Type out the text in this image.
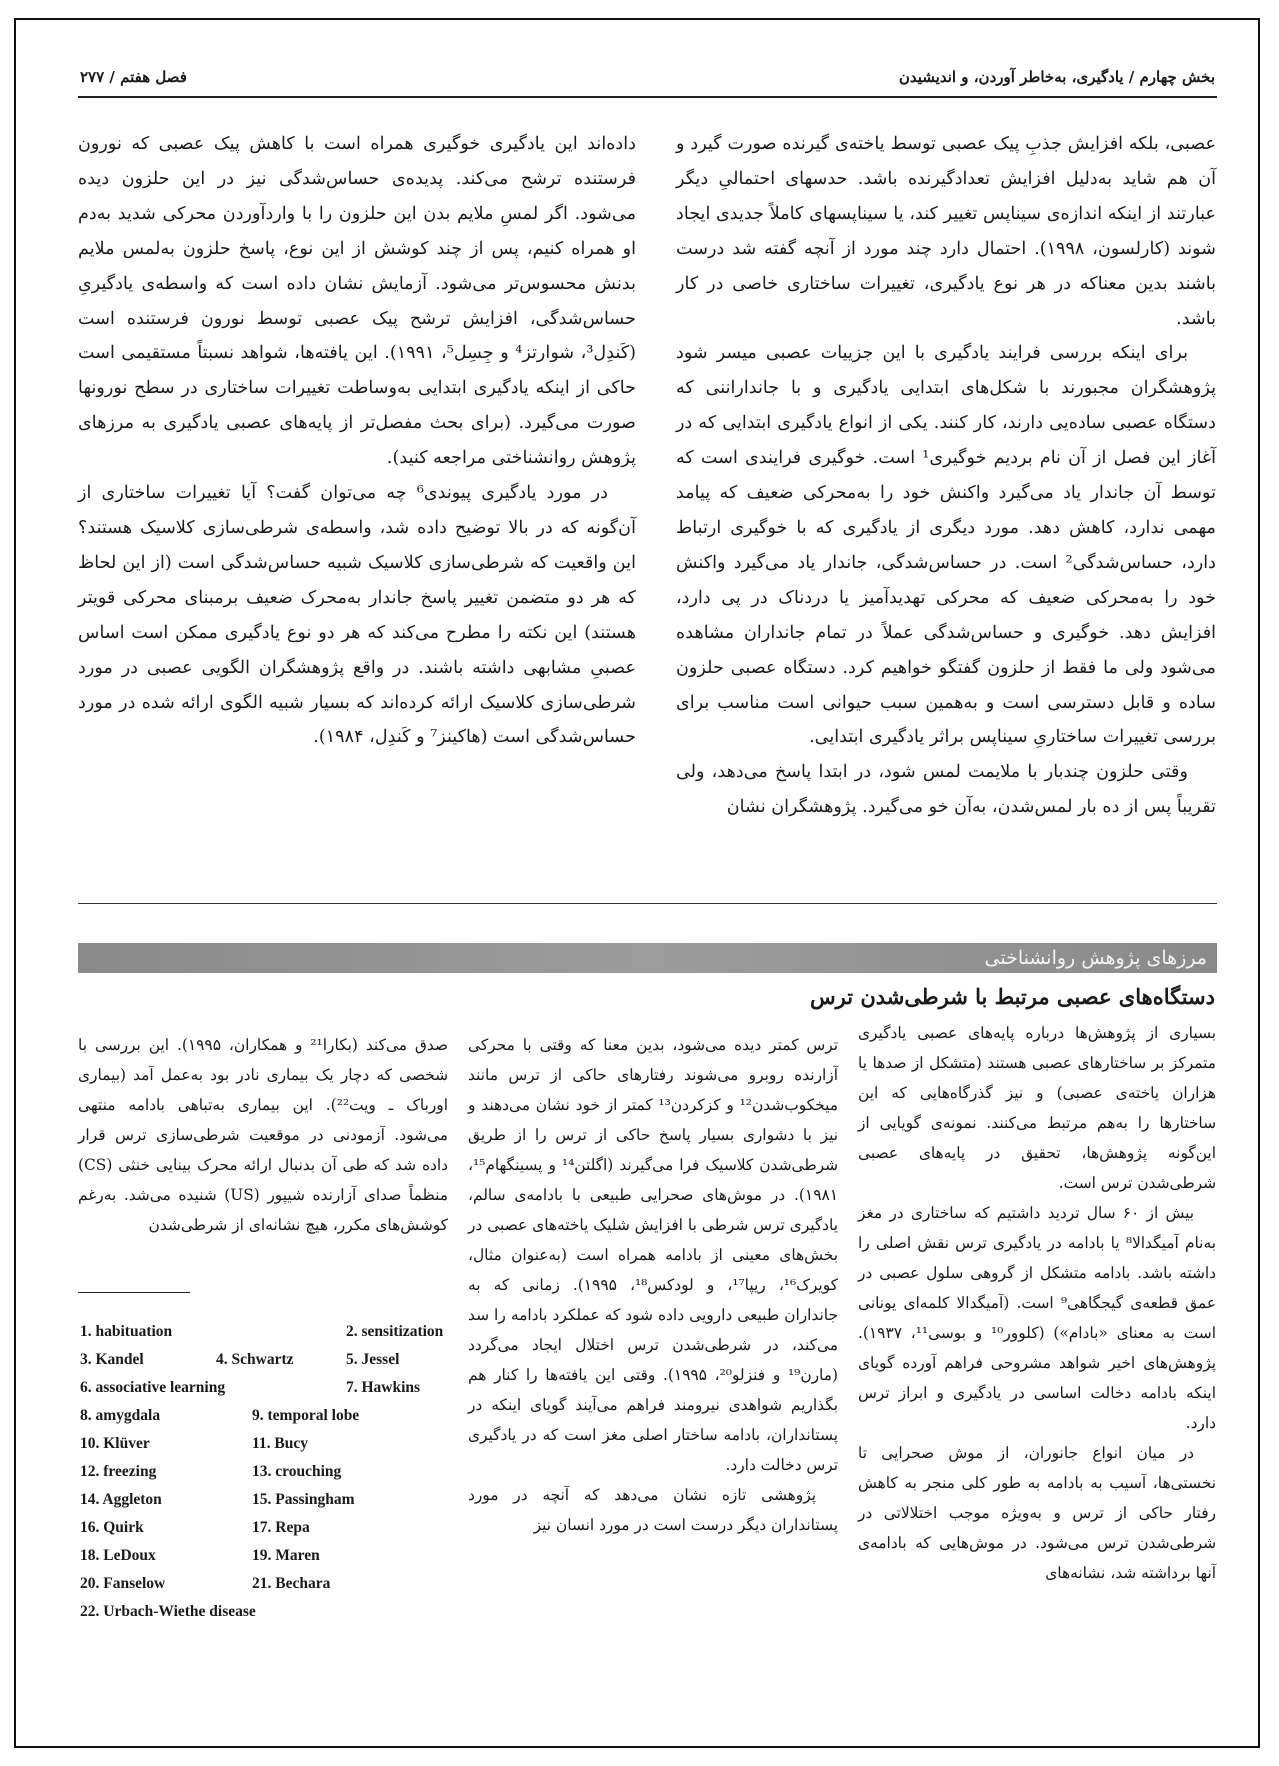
فصل هفتم / ۲۷۷	بخش چهارم / یادگیری، به‌خاطر آوردن، و اندیشیدن

عصبی، بلکه افزایش جذبِ پیک عصبی توسط یاخته‌ی گیرنده صورت گیرد و آن هم شاید به‌دلیل افزایش تعدادگیرنده باشد. حدسهای احتمالیِ دیگر عبارتند از اینکه اندازه‌ی سیناپس تغییر کند، یا سیناپسهای کاملاً جدیدی ایجاد شوند (کارلسون، ۱۹۹۸). احتمال دارد چند مورد از آنچه گفته شد درست باشند بدین معناکه در هر نوع یادگیری، تغییرات ساختاری خاصی در کار باشد.

برای اینکه بررسی فرایند یادگیری با این جزییات عصبی میسر شود پژوهشگران مجبورند با شکل‌های ابتدایی یادگیری و با جانداراننی که دستگاه عصبی ساده‌یی دارند، کار کنند. یکی از انواع یادگیری ابتدایی که در آغاز این فصل از آن نام بردیم خوگیری¹ است. خوگیری فرایندی است که توسط آن جاندار یاد می‌گیرد واکنش خود را به‌محرکی ضعیف که پیامد مهمی ندارد، کاهش دهد. مورد دیگری از یادگیری که با خوگیری ارتباط دارد، حساس‌شدگی² است. در حساس‌شدگی، جاندار یاد می‌گیرد واکنش خود را به‌محرکی ضعیف که محرکی تهدیدآمیز یا دردناک در پی دارد، افزایش دهد. خوگیری و حساس‌شدگی عملاً در تمام جانداران مشاهده می‌شود ولی ما فقط از حلزون گفتگو خواهیم کرد. دستگاه عصبی حلزون ساده و قابل دسترسی است و به‌همین سبب حیوانی است مناسب برای بررسی تغییرات ساختاریِ سیناپس براثر یادگیری ابتدایی.

وقتی حلزون چندبار با ملایمت لمس شود، در ابتدا پاسخ می‌دهد، ولی تقریباً پس از ده بار لمس‌شدن، به‌آن خو می‌گیرد. پژوهشگران نشان

داده‌اند این یادگیری خوگیری همراه است با کاهش پیک عصبی که نورون فرستنده ترشح می‌کند. پدیده‌ی حساس‌شدگی نیز در این حلزون دیده می‌شود. اگر لمسِ ملایم بدن این حلزون را با واردآوردن محرکی شدید به‌دم او همراه کنیم، پس از چند کوشش از این نوع، پاسخ حلزون به‌لمس ملایم بدنش محسوس‌تر می‌شود. آزمایش نشان داده است که واسطه‌ی یادگیریِ حساس‌شدگی، افزایش ترشح پیک عصبی توسط نورون فرستنده است (کَندِل³، شوارتز⁴ و جِسِل⁵، ۱۹۹۱). این یافته‌ها، شواهد نسبتاً مستقیمی است حاکی از اینکه یادگیری ابتدایی به‌وساطت تغییرات ساختاری در سطح نورونها صورت می‌گیرد. (برای بحث مفصل‌تر از پایه‌های عصبی یادگیری به مرزهای پژوهش روانشناختی مراجعه کنید).

در مورد یادگیری پیوندی⁶ چه می‌توان گفت؟ آیا تغییرات ساختاری از آن‌گونه که در بالا توضیح داده شد، واسطه‌ی شرطی‌سازی کلاسیک هستند؟ این واقعیت که شرطی‌سازی کلاسیک شبیه حساس‌شدگی است (از این لحاظ که هر دو متضمن تغییر پاسخ جاندار به‌محرک ضعیف برمبنای محرکی قویتر هستند) این نکته را مطرح می‌کند که هر دو نوع یادگیری ممکن است اساس عصبیِ مشابهی داشته باشند. در واقع پژوهشگران الگویی عصبی در مورد شرطی‌سازی کلاسیک ارائه کرده‌اند که بسیار شبیه الگوی ارائه شده در مورد حساس‌شدگی است (هاکینز⁷ و کَندِل، ۱۹۸۴).

مرزهای پژوهش روانشناختی
دستگاه‌های عصبی مرتبط با شرطی‌شدن ترس

بسیاری از پژوهش‌ها درباره پایه‌های عصبی یادگیری متمرکز بر ساختارهای عصبی هستند (متشکل از صدها یا هزاران یاخته‌ی عصبی) و نیز گذرگاه‌هایی که این ساختارها را به‌هم مرتبط می‌کنند. نمونه‌ی گویایی از این‌گونه پژوهش‌ها، تحقیق در پایه‌های عصبی شرطی‌شدن ترس است.

بیش از ۶۰ سال تردید داشتیم که ساختاری در مغز به‌نام آمیگدالا⁸ یا بادامه در یادگیری ترس نقش اصلی را داشته باشد. بادامه متشکل از گروهی سلول عصبی در عمق قطعه‌ی گیجگاهی⁹ است. (آمیگدالا کلمه‌ای یونانی است به معنای «بادام») (کلوور¹⁰ و بوسی¹¹، ۱۹۳۷). پژوهش‌های اخیر شواهد مشروحی فراهم آورده گویای اینکه بادامه دخالت اساسی در یادگیری و ابراز ترس دارد.

در میان انواع جانوران، از موش صحرایی تا نخستی‌ها، آسیب به بادامه به طور کلی منجر به کاهش رفتار حاکی از ترس و به‌ویژه موجب اختلالاتی در شرطی‌شدن ترس می‌شود. در موش‌هایی که بادامه‌ی آنها برداشته شد، نشانه‌های

ترس کمتر دیده می‌شود، بدین معنا که وقتی با محرکی آزارنده روبرو می‌شوند رفتارهای حاکی از ترس مانند میخکوب‌شدن¹² و کزکردن¹³ کمتر از خود نشان می‌دهند و نیز با دشواری بسیار پاسخ حاکی از ترس را از طریق شرطی‌شدن کلاسیک فرا می‌گیرند (اگلتن¹⁴ و پسینگهام¹⁵، ۱۹۸۱). در موش‌های صحرایی طبیعی با بادامه‌ی سالم، یادگیری ترس شرطی با افزایش شلیک یاخته‌های عصبی در بخش‌های معینی از بادامه همراه است (به‌عنوان مثال، کویرک¹⁶، ریپا¹⁷، و لودکس¹⁸، ۱۹۹۵). زمانی که به جانداران طبیعی دارویی داده شود که عملکرد بادامه را سد می‌کند، در شرطی‌شدن ترس اختلال ایجاد می‌گردد (مارن¹⁹ و فنزلو²⁰، ۱۹۹۵). وقتی این یافته‌ها را کنار هم بگذاریم شواهدی نیرومند فراهم می‌آیند گویای اینکه در پستانداران، بادامه ساختار اصلی مغز است که در یادگیری ترس دخالت دارد.

پژوهشی تازه نشان می‌دهد که آنچه در مورد پستانداران دیگر درست است در مورد انسان نیز

صدق می‌کند (بکارا²¹ و همکاران، ۱۹۹۵). این بررسی با شخصی که دچار یک بیماری نادر بود به‌عمل آمد (بیماری اورباک ـ ویت²²). این بیماری به‌تباهی بادامه منتهی می‌شود. آزمودنی در موقعیت شرطی‌سازی ترس قرار داده شد که طی آن بدنبال ارائه محرک بینایی خنثی (CS) منظماً صدای آزارنده شیپور (US) شنیده می‌شد. به‌رغم کوشش‌های مکرر، هیچ نشانه‌ای از شرطی‌شدن

1. habituation	2. sensitization
3. Kandel	4. Schwartz	5. Jessel
6. associative learning	7. Hawkins
8. amygdala	9. temporal lobe
10. Klüver	11. Bucy
12. freezing	13. crouching
14. Aggleton	15. Passingham
16. Quirk	17. Repa
18. LeDoux	19. Maren
20. Fanselow	21. Bechara
22. Urbach-Wiethe disease
